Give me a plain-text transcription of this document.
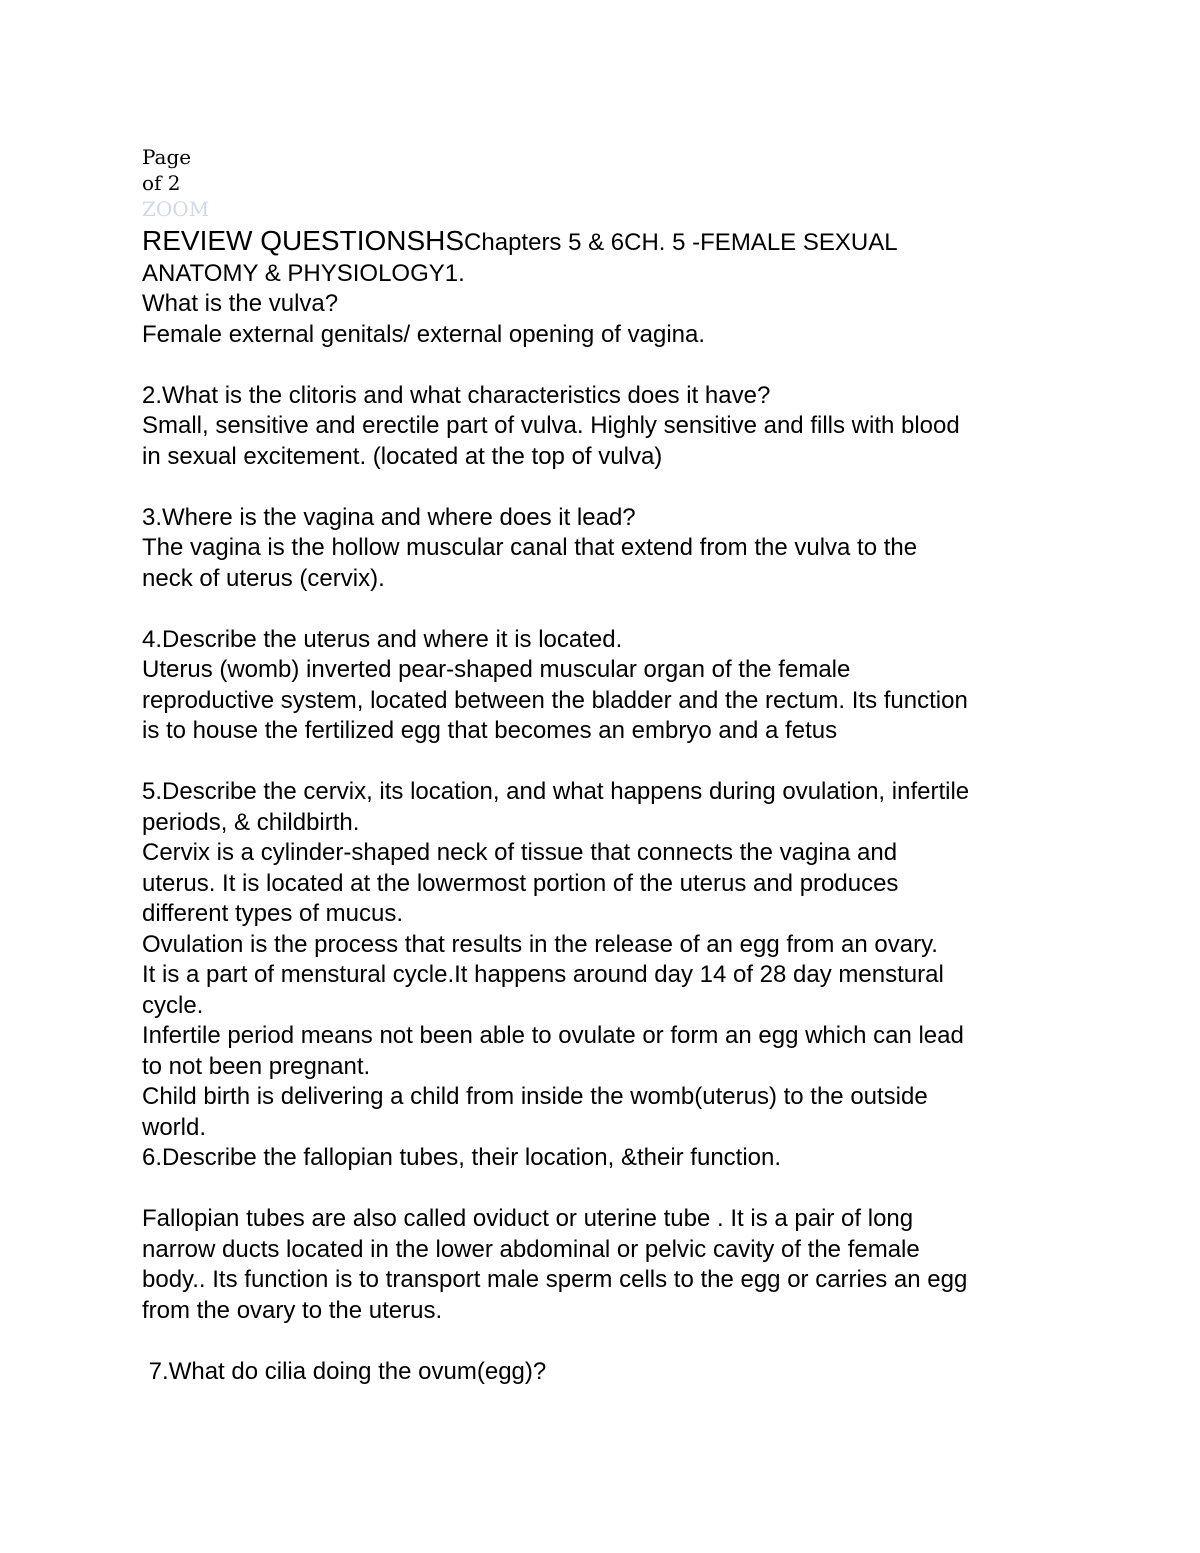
Page
of 2
ZOOM

REVIEW QUESTIONSHSChapters 5 & 6CH. 5 -FEMALE SEXUAL

ANATOMY & PHYSIOLOGY1.

What is the vulva?

Female external genitals/ external opening of vagina.

2.What is the clitoris and what characteristics does it have?

Small, sensitive and erectile part of vulva. Highly sensitive and fills with blood

in sexual excitement. (located at the top of vulva)

3.Where is the vagina and where does it lead?

The vagina is the hollow muscular canal that extend from the vulva to the

neck of uterus (cervix).

4.Describe the uterus and where it is located.

Uterus (womb) inverted pear-shaped muscular organ of the female

reproductive system, located between the bladder and the rectum. Its function

is to house the fertilized egg that becomes an embryo and a fetus

5.Describe the cervix, its location, and what happens during ovulation, infertile

periods, & childbirth.

Cervix is a cylinder-shaped neck of tissue that connects the vagina and

uterus. It is located at the lowermost portion of the uterus and produces

different types of mucus.

Ovulation is the process that results in the release of an egg from an ovary.

It is a part of menstural cycle.It happens around day 14 of 28 day menstural

cycle.

Infertile period means not been able to ovulate or form an egg which can lead

to not been pregnant.

Child birth is delivering a child from inside the womb(uterus) to the outside

world.

6.Describe the fallopian tubes, their location, &their function.

Fallopian tubes are also called oviduct or uterine tube . It is a pair of long

narrow ducts located in the lower abdominal or pelvic cavity of the female

body.. Its function is to transport male sperm cells to the egg or carries an egg

from the ovary to the uterus.

7.What do cilia doing the ovum(egg)?
